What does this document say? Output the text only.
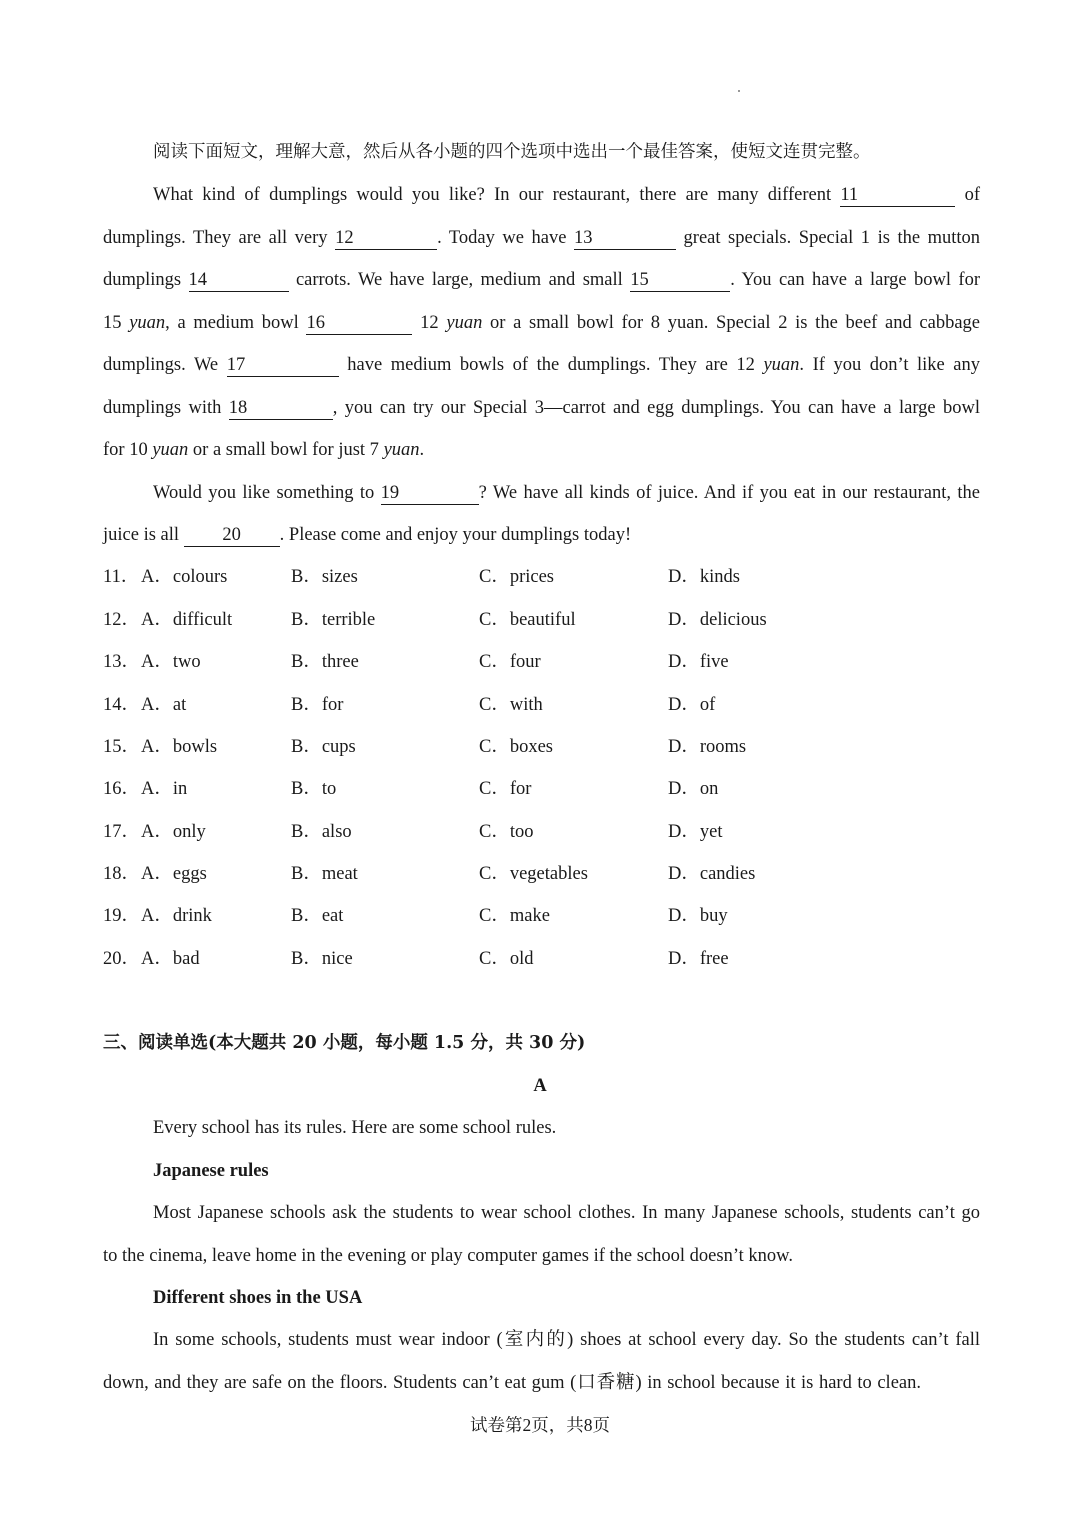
阅读下面短文，理解大意，然后从各小题的四个选项中选出一个最佳答案，使短文连贯完整。
What kind of dumplings would you like? In our restaurant, there are many different 11	of
dumplings. They are all very 12	. Today we have 13	great specials. Special 1 is the mutton
dumplings 14	carrots. We have large, medium and small 15	. You can have a large bowl for
15 yuan, a medium bowl 16	12 yuan or a small bowl for 8 yuan. Special 2 is the beef and cabbage
dumplings. We 17	have medium bowls of the dumplings. They are 12 yuan. If you don’t like any
dumplings with 18	, you can try our Special 3—carrot and egg dumplings. You can have a large bowl
for 10 yuan or a small bowl for just 7 yuan.
Would you like something to 19	? We have all kinds of juice. And if you eat in our restaurant, the
juice is all 20 . Please come and enjoy your dumplings today!
11． A．colours	B．sizes	C．prices	D．kinds
12． A．difficult	B．terrible	C．beautiful	D．delicious
13． A．two	B．three	C．four	D．five
14． A．at	B．for	C．with	D．of
15． A．bowls	B．cups	C．boxes	D．rooms
16． A．in	B．to	C．for	D．on
17． A．only	B．also	C．too	D．yet
18． A．eggs	B．meat	C．vegetables	D．candies
19． A．drink	B．eat	C．make	D．buy
20． A．bad	B．nice	C．old	D．free
三、阅读单选(本大题共 20 小题，每小题 1.5 分，共 30 分)
A
Every school has its rules. Here are some school rules.
Japanese rules
Most Japanese schools ask the students to wear school clothes. In many Japanese schools, students can’t go
to the cinema, leave home in the evening or play computer games if the school doesn’t know.
Different shoes in the USA
In some schools, students must wear indoor (室内的) shoes at school every day. So the students can’t fall
down, and they are safe on the floors. Students can’t eat gum (口香糖) in school because it is hard to clean.
试卷第2页，共8页
